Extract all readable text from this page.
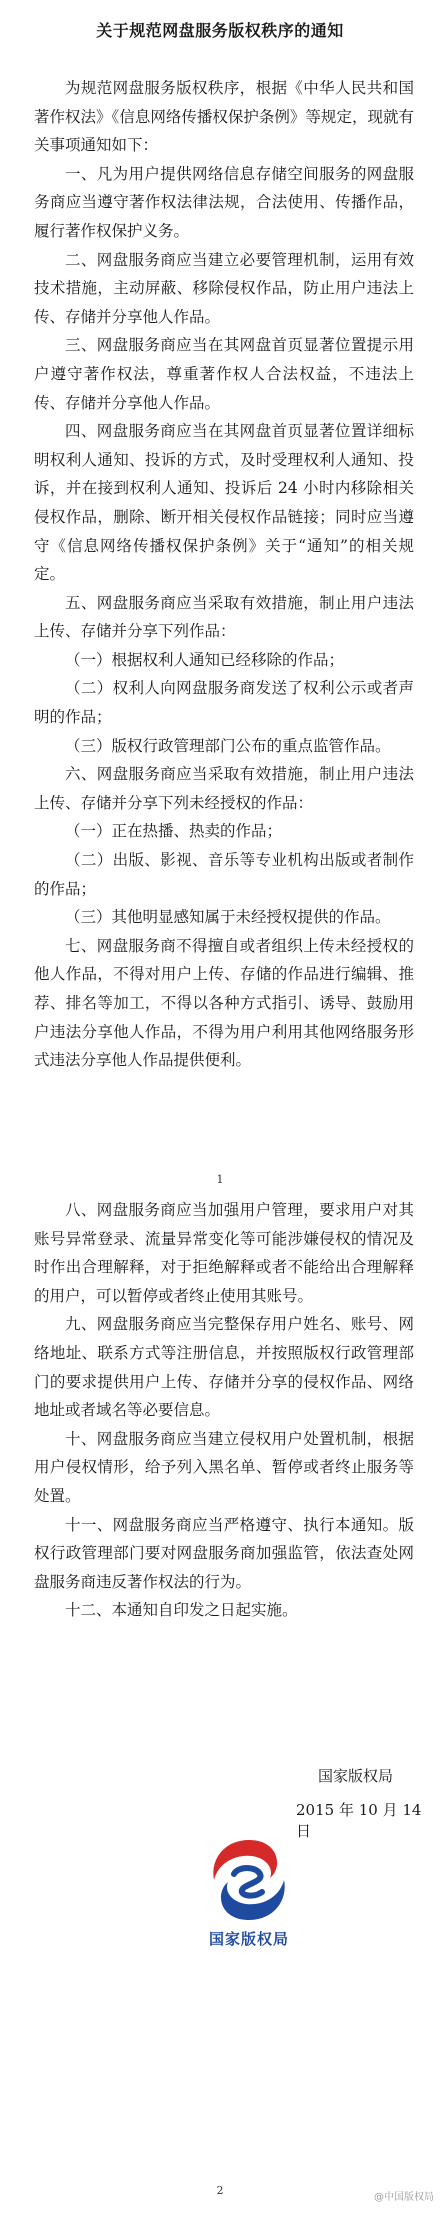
关于规范网盘服务版权秩序的通知

为规范网盘服务版权秩序，根据《中华人民共和国著作权法》《信息网络传播权保护条例》等规定，现就有关事项通知如下：

一、凡为用户提供网络信息存储空间服务的网盘服务商应当遵守著作权法律法规，合法使用、传播作品，履行著作权保护义务。

二、网盘服务商应当建立必要管理机制，运用有效技术措施，主动屏蔽、移除侵权作品，防止用户违法上传、存储并分享他人作品。

三、网盘服务商应当在其网盘首页显著位置提示用户遵守著作权法，尊重著作权人合法权益，不违法上传、存储并分享他人作品。

四、网盘服务商应当在其网盘首页显著位置详细标明权利人通知、投诉的方式，及时受理权利人通知、投诉，并在接到权利人通知、投诉后 24 小时内移除相关侵权作品，删除、断开相关侵权作品链接；同时应当遵守《信息网络传播权保护条例》关于“通知”的相关规定。

五、网盘服务商应当采取有效措施，制止用户违法上传、存储并分享下列作品：

（一）根据权利人通知已经移除的作品；

（二）权利人向网盘服务商发送了权利公示或者声明的作品；

（三）版权行政管理部门公布的重点监管作品。

六、网盘服务商应当采取有效措施，制止用户违法上传、存储并分享下列未经授权的作品：

（一）正在热播、热卖的作品；

（二）出版、影视、音乐等专业机构出版或者制作的作品；

（三）其他明显感知属于未经授权提供的作品。

七、网盘服务商不得擅自或者组织上传未经授权的他人作品，不得对用户上传、存储的作品进行编辑、推荐、排名等加工，不得以各种方式指引、诱导、鼓励用户违法分享他人作品，不得为用户利用其他网络服务形式违法分享他人作品提供便利。

1

八、网盘服务商应当加强用户管理，要求用户对其账号异常登录、流量异常变化等可能涉嫌侵权的情况及时作出合理解释，对于拒绝解释或者不能给出合理解释的用户，可以暂停或者终止使用其账号。

九、网盘服务商应当完整保存用户姓名、账号、网络地址、联系方式等注册信息，并按照版权行政管理部门的要求提供用户上传、存储并分享的侵权作品、网络地址或者域名等必要信息。

十、网盘服务商应当建立侵权用户处置机制，根据用户侵权情形，给予列入黑名单、暂停或者终止服务等处置。

十一、网盘服务商应当严格遵守、执行本通知。版权行政管理部门要对网盘服务商加强监管，依法查处网盘服务商违反著作权法的行为。

十二、本通知自印发之日起实施。

国家版权局
2015 年 10 月 14 日
国家版权局
2
@中国版权局
